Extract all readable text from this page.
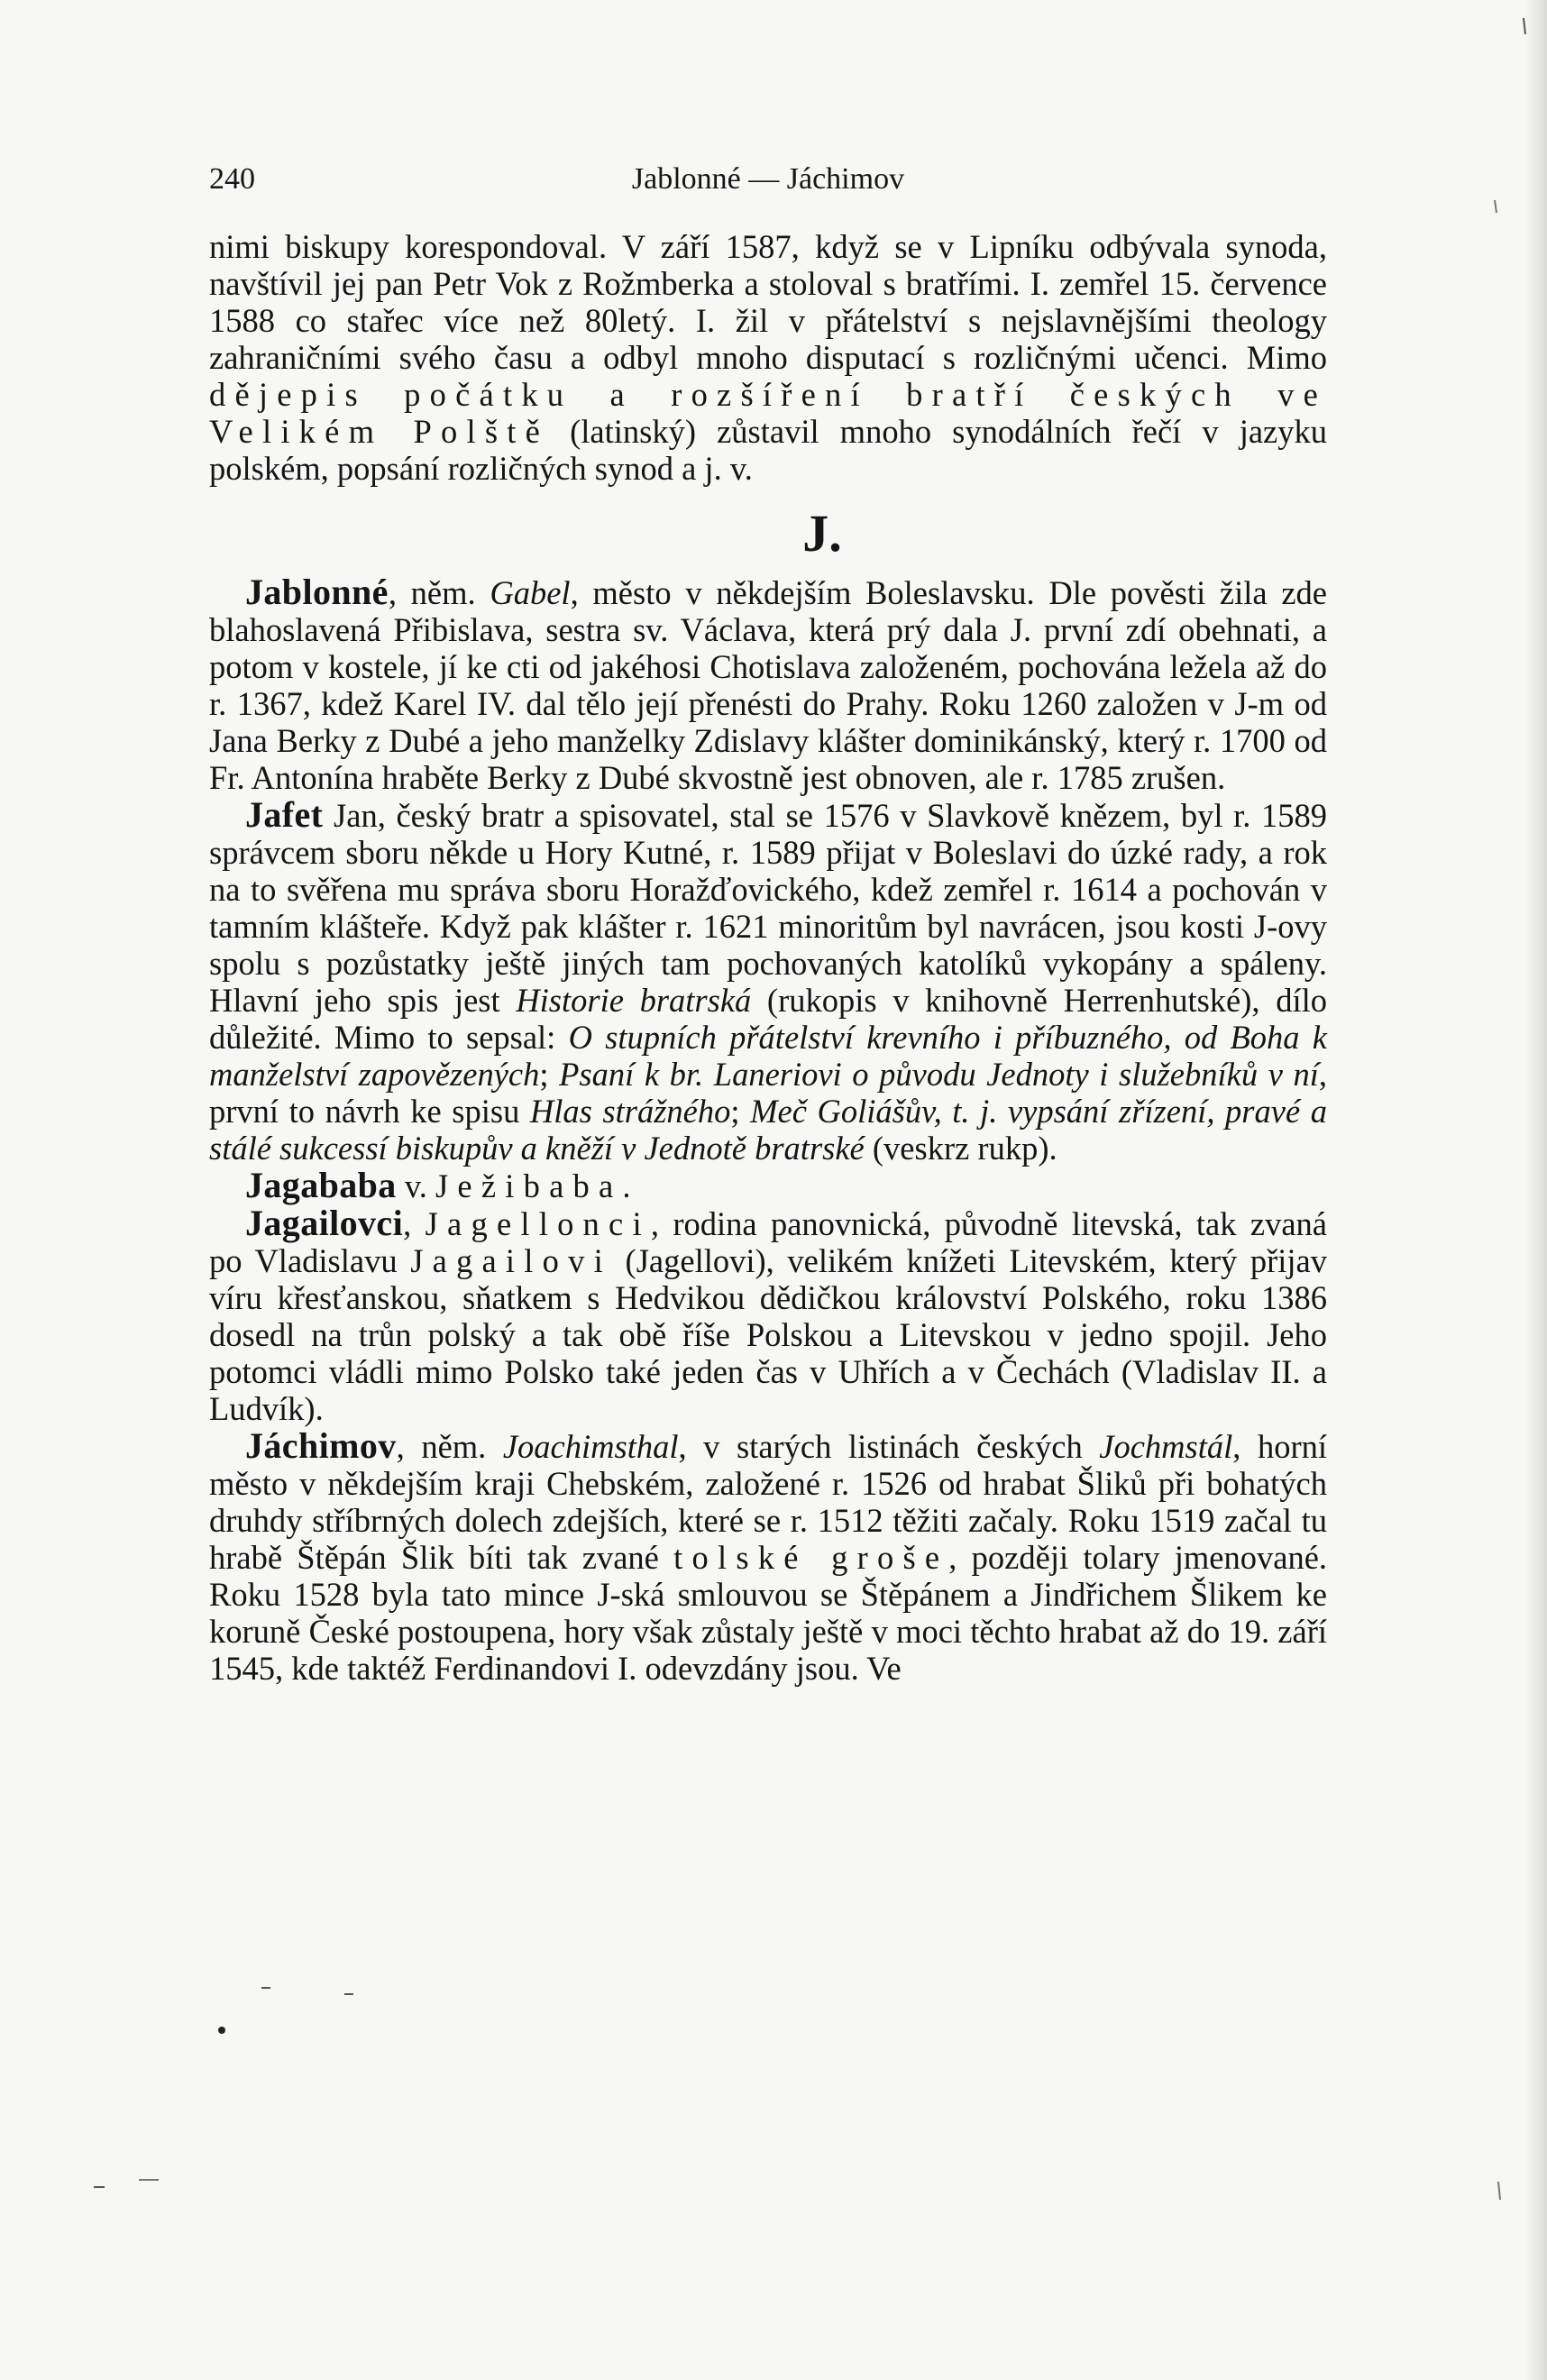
240	Jablonné — Jáchimov

nimi biskupy korespondoval. V září 1587, když se v Lipníku odbývala synoda, navštívil jej pan Petr Vok z Rožmberka a stoloval s bratřími. I. zemřel 15. července 1588 co stařec více než 80letý. I. žil v přátelství s nejslavnějšími theology zahraničními svého času a odbyl mnoho disputací s rozličnými učenci. Mimo dějepis počátku a rozšíření bratří českých ve Velikém Polště (latinský) zůstavil mnoho synodálních řečí v jazyku polském, popsání rozličných synod a j. v.

J.

Jablonné, něm. Gabel, město v někdejším Boleslavsku. Dle pověsti žila zde blahoslavená Přibislava, sestra sv. Václava, která prý dala J. první zdí obehnati, a potom v kostele, jí ke cti od jakéhosi Chotislava založeném, pochována ležela až do r. 1367, kdež Karel IV. dal tělo její přenésti do Prahy. Roku 1260 založen v J-m od Jana Berky z Dubé a jeho manželky Zdislavy klášter dominikánský, který r. 1700 od Fr. Antonína hraběte Berky z Dubé skvostně jest obnoven, ale r. 1785 zrušen.

Jafet Jan, český bratr a spisovatel, stal se 1576 v Slavkově knězem, byl r. 1589 správcem sboru někde u Hory Kutné, r. 1589 přijat v Boleslavi do úzké rady, a rok na to svěřena mu správa sboru Horažďovického, kdež zemřel r. 1614 a pochován v tamním klášteře. Když pak klášter r. 1621 minoritům byl navrácen, jsou kosti J-ovy spolu s pozůstatky ještě jiných tam pochovaných katolíků vykopány a spáleny. Hlavní jeho spis jest Historie bratrská (rukopis v knihovně Herrenhutské), dílo důležité. Mimo to sepsal: O stupních přátelství krevního i příbuzného, od Boha k manželství zapovězených; Psaní k br. Laneriovi o původu Jednoty i služebníků v ní, první to návrh ke spisu Hlas strážného; Meč Goliášův, t. j. vypsání zřízení, pravé a stálé sukcessí biskupův a kněží v Jednotě bratrské (veskrz rukp).

Jagababa v. Ježibaba.

Jagailovci, Jagellonci, rodina panovnická, původně litevská, tak zvaná po Vladislavu Jagailovi (Jagellovi), velikém knížeti Litevském, který přijav víru křesťanskou, sňatkem s Hedvikou dědičkou království Polského, roku 1386 dosedl na trůn polský a tak obě říše Polskou a Litevskou v jedno spojil. Jeho potomci vládli mimo Polsko také jeden čas v Uhřích a v Čechách (Vladislav II. a Ludvík).

Jáchimov, něm. Joachimsthal, v starých listinách českých Jochmstál, horní město v někdejším kraji Chebském, založené r. 1526 od hrabat Šliků při bohatých druhdy stříbrných dolech zdejších, které se r. 1512 těžiti začaly. Roku 1519 začal tu hrabě Štěpán Šlik bíti tak zvané tolské groše, později tolary jmenované. Roku 1528 byla tato mince J-ská smlouvou se Štěpánem a Jindřichem Šlikem ke koruně České postoupena, hory však zůstaly ještě v moci těchto hrabat až do 19. září 1545, kde taktéž Ferdinandovi I. odevzdány jsou. Ve
